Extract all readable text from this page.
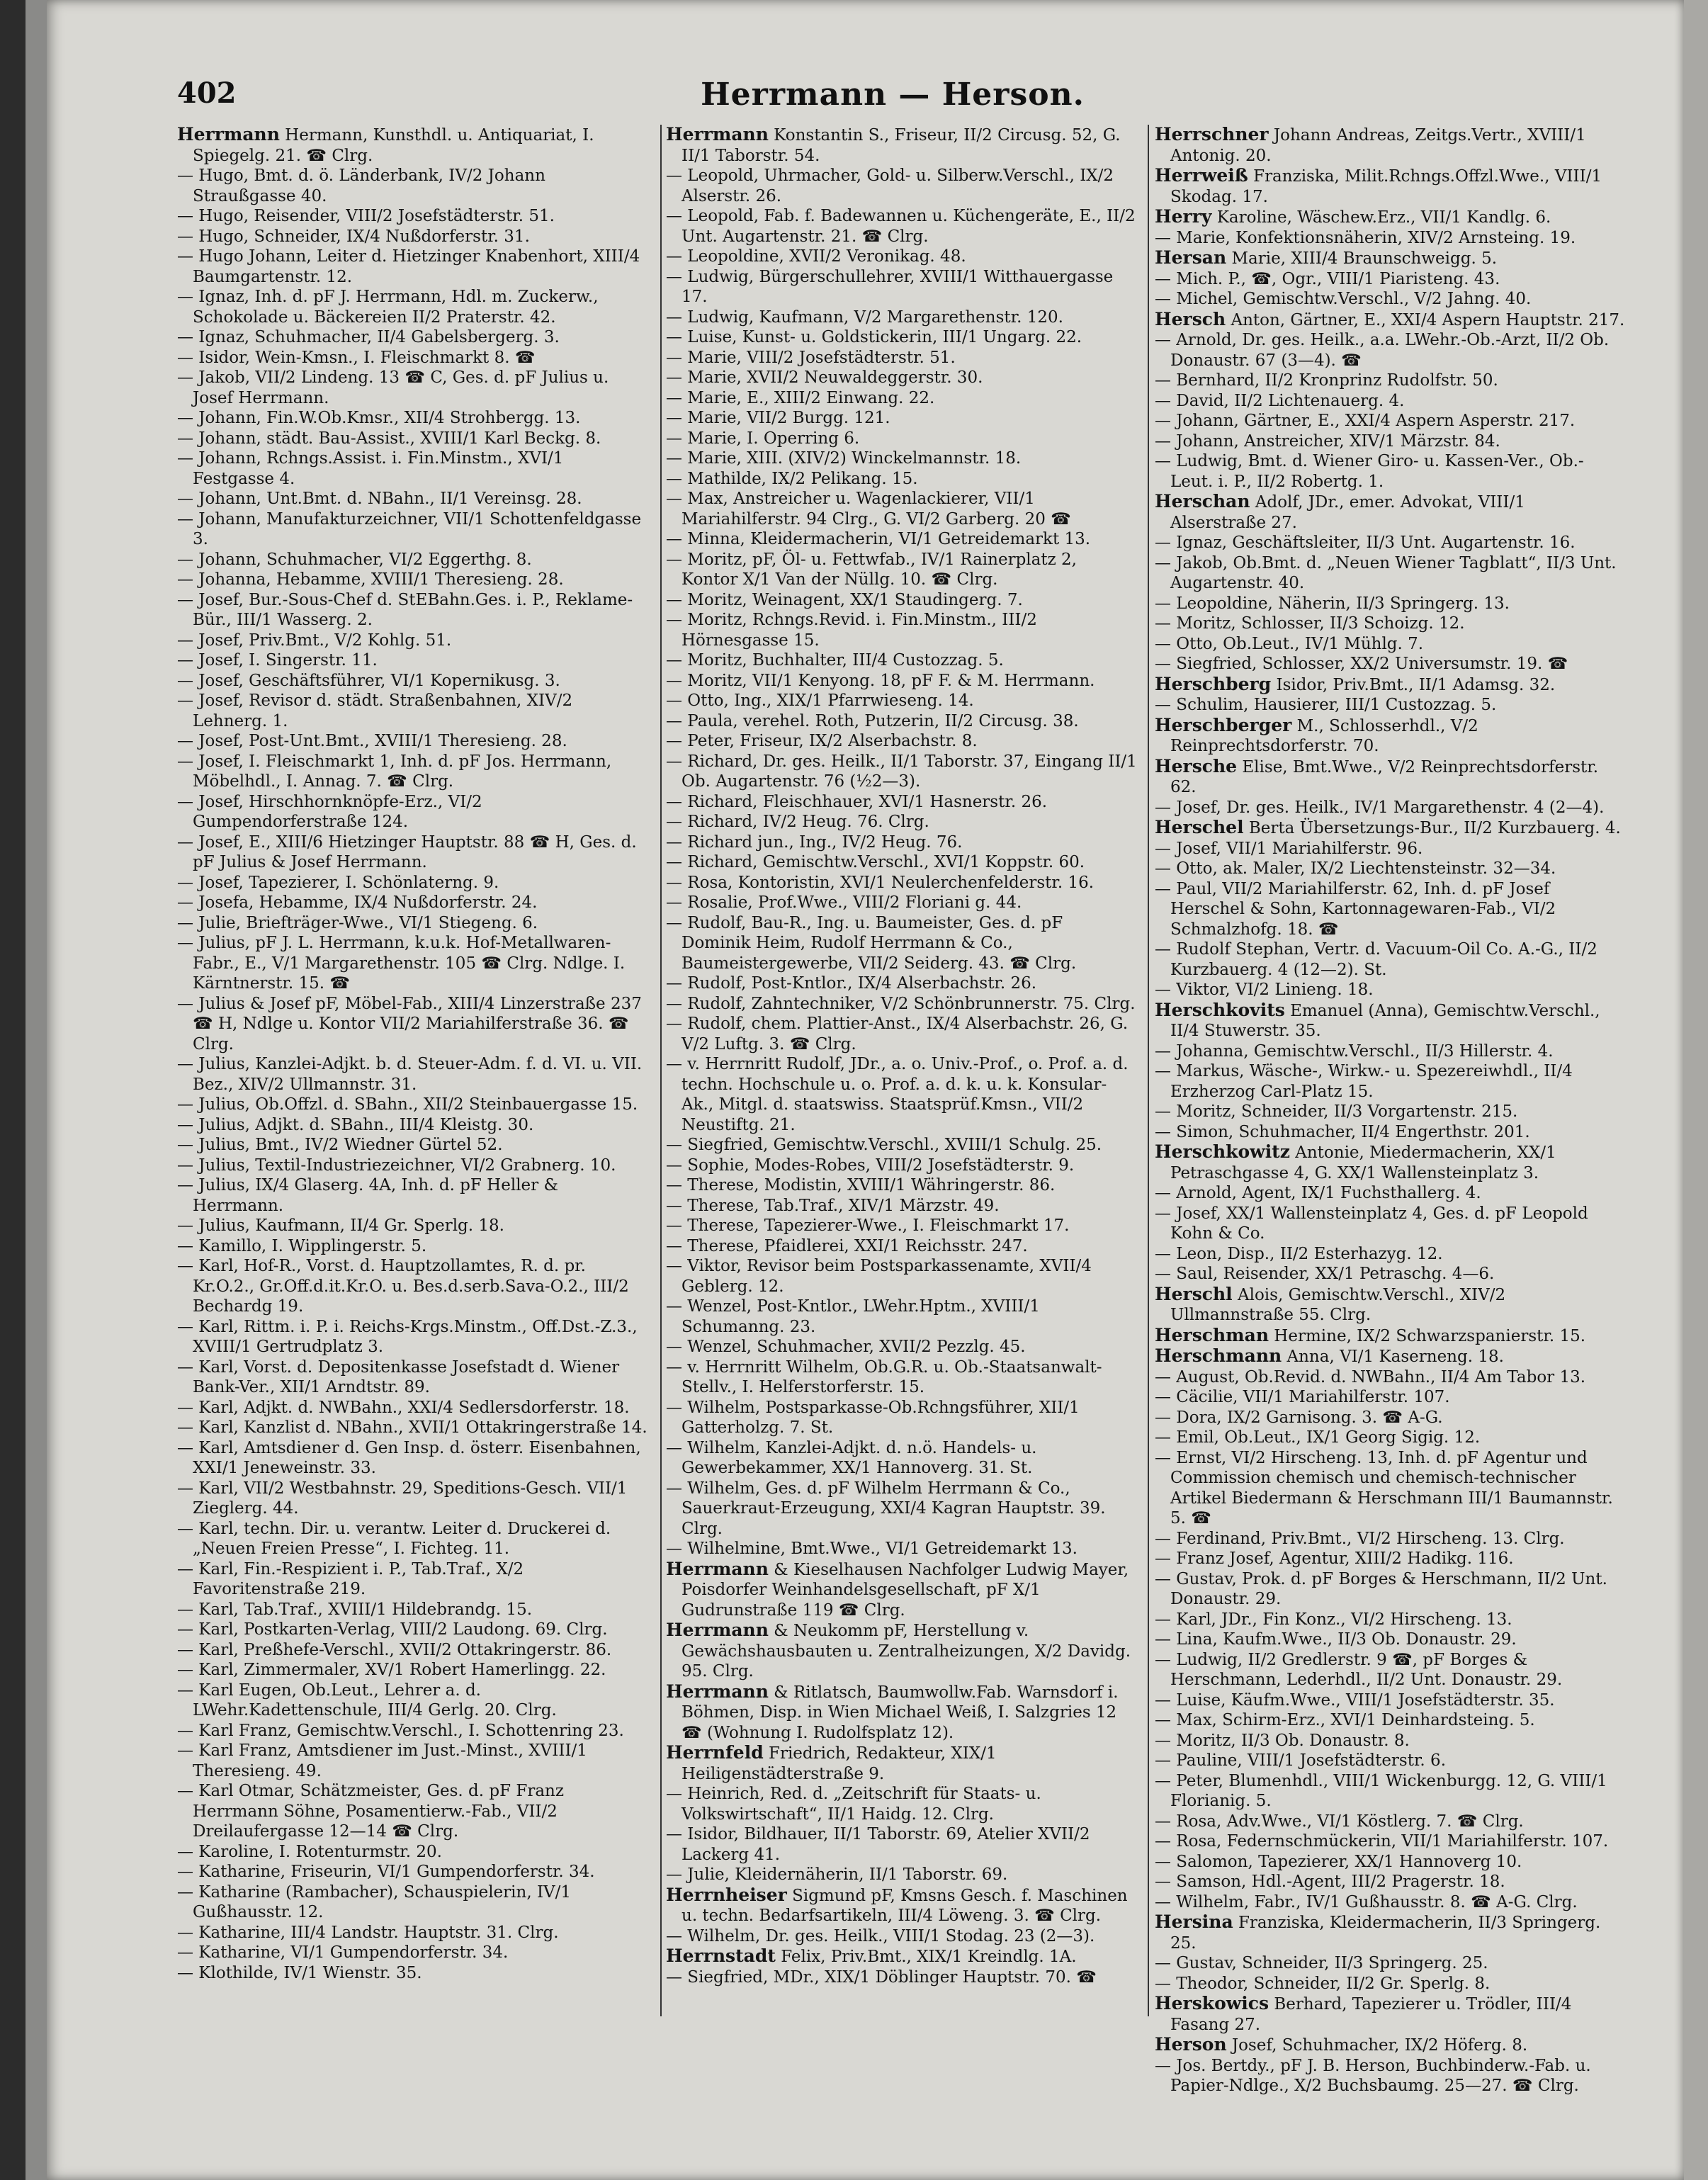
402	Herrmann — Herson.

Herrmann Hermann, Kunsthdl. u. Antiquariat, I. Spiegelg. 21. ☎ Clrg.

— Hugo, Bmt. d. ö. Länderbank, IV/2 Johann Straußgasse 40.

— Hugo, Reisender, VIII/2 Josefstädterstr. 51.

— Hugo, Schneider, IX/4 Nußdorferstr. 31.

— Hugo Johann, Leiter d. Hietzinger Knabenhort, XIII/4 Baumgartenstr. 12.

— Ignaz, Inh. d. pF J. Herrmann, Hdl. m. Zuckerw., Schokolade u. Bäckereien II/2 Praterstr. 42.

— Ignaz, Schuhmacher, II/4 Gabelsbergerg. 3.

— Isidor, Wein-Kmsn., I. Fleischmarkt 8. ☎

— Jakob, VII/2 Lindeng. 13 ☎ C, Ges. d. pF Julius u. Josef Herrmann.

— Johann, Fin.W.Ob.Kmsr., XII/4 Strohbergg. 13.

— Johann, städt. Bau-Assist., XVIII/1 Karl Beckg. 8.

— Johann, Rchngs.Assist. i. Fin.Minstm., XVI/1 Festgasse 4.

— Johann, Unt.Bmt. d. NBahn., II/1 Vereinsg. 28.

— Johann, Manufakturzeichner, VII/1 Schottenfeldgasse 3.

— Johann, Schuhmacher, VI/2 Eggerthg. 8.

— Johanna, Hebamme, XVIII/1 Theresieng. 28.

— Josef, Bur.-Sous-Chef d. StEBahn.Ges. i. P., Reklame-Bür., III/1 Wasserg. 2.

— Josef, Priv.Bmt., V/2 Kohlg. 51.

— Josef, I. Singerstr. 11.

— Josef, Geschäftsführer, VI/1 Kopernikusg. 3.

— Josef, Revisor d. städt. Straßenbahnen, XIV/2 Lehnerg. 1.

— Josef, Post-Unt.Bmt., XVIII/1 Theresieng. 28.

— Josef, I. Fleischmarkt 1, Inh. d. pF Jos. Herrmann, Möbelhdl., I. Annag. 7. ☎ Clrg.

— Josef, Hirschhornknöpfe-Erz., VI/2 Gumpendorferstraße 124.

— Josef, E., XIII/6 Hietzinger Hauptstr. 88 ☎ H, Ges. d. pF Julius & Josef Herrmann.

— Josef, Tapezierer, I. Schönlaterng. 9.

— Josefa, Hebamme, IX/4 Nußdorferstr. 24.

— Julie, Briefträger-Wwe., VI/1 Stiegeng. 6.

— Julius, pF J. L. Herrmann, k.u.k. Hof-Metallwaren-Fabr., E., V/1 Margarethenstr. 105 ☎ Clrg. Ndlge. I. Kärntnerstr. 15. ☎

— Julius & Josef pF, Möbel-Fab., XIII/4 Linzerstraße 237 ☎ H, Ndlge u. Kontor VII/2 Mariahilferstraße 36. ☎ Clrg.

— Julius, Kanzlei-Adjkt. b. d. Steuer-Adm. f. d. VI. u. VII. Bez., XIV/2 Ullmannstr. 31.

— Julius, Ob.Offzl. d. SBahn., XII/2 Steinbauergasse 15.

— Julius, Adjkt. d. SBahn., III/4 Kleistg. 30.

— Julius, Bmt., IV/2 Wiedner Gürtel 52.

— Julius, Textil-Industriezeichner, VI/2 Grabnerg. 10.

— Julius, IX/4 Glaserg. 4A, Inh. d. pF Heller & Herrmann.

— Julius, Kaufmann, II/4 Gr. Sperlg. 18.

— Kamillo, I. Wipplingerstr. 5.

— Karl, Hof-R., Vorst. d. Hauptzollamtes, R. d. pr. Kr.O.2., Gr.Off.d.it.Kr.O. u. Bes.d.serb.Sava-O.2., III/2 Bechardg 19.

— Karl, Rittm. i. P. i. Reichs-Krgs.Minstm., Off.Dst.-Z.3., XVIII/1 Gertrudplatz 3.

— Karl, Vorst. d. Depositenkasse Josefstadt d. Wiener Bank-Ver., XII/1 Arndtstr. 89.

— Karl, Adjkt. d. NWBahn., XXI/4 Sedlersdorferstr. 18.

— Karl, Kanzlist d. NBahn., XVII/1 Ottakringerstraße 14.

— Karl, Amtsdiener d. Gen Insp. d. österr. Eisenbahnen, XXI/1 Jeneweinstr. 33.

— Karl, VII/2 Westbahnstr. 29, Speditions-Gesch. VII/1 Zieglerg. 44.

— Karl, techn. Dir. u. verantw. Leiter d. Druckerei d. „Neuen Freien Presse“, I. Fichteg. 11.

— Karl, Fin.-Respizient i. P., Tab.Traf., X/2 Favoritenstraße 219.

— Karl, Tab.Traf., XVIII/1 Hildebrandg. 15.

— Karl, Postkarten-Verlag, VIII/2 Laudong. 69. Clrg.

— Karl, Preßhefe-Verschl., XVII/2 Ottakringerstr. 86.

— Karl, Zimmermaler, XV/1 Robert Hamerlingg. 22.

— Karl Eugen, Ob.Leut., Lehrer a. d. LWehr.Kadettenschule, III/4 Gerlg. 20. Clrg.

— Karl Franz, Gemischtw.Verschl., I. Schottenring 23.

— Karl Franz, Amtsdiener im Just.-Minst., XVIII/1 Theresieng. 49.

— Karl Otmar, Schätzmeister, Ges. d. pF Franz Herrmann Söhne, Posamentierw.-Fab., VII/2 Dreilaufergasse 12—14 ☎ Clrg.

— Karoline, I. Rotenturmstr. 20.

— Katharine, Friseurin, VI/1 Gumpendorferstr. 34.

— Katharine (Rambacher), Schauspielerin, IV/1 Gußhausstr. 12.

— Katharine, III/4 Landstr. Hauptstr. 31. Clrg.

— Katharine, VI/1 Gumpendorferstr. 34.

— Klothilde, IV/1 Wienstr. 35.

Herrmann Konstantin S., Friseur, II/2 Circusg. 52, G. II/1 Taborstr. 54.

— Leopold, Uhrmacher, Gold- u. Silberw.Verschl., IX/2 Alserstr. 26.

— Leopold, Fab. f. Badewannen u. Küchengeräte, E., II/2 Unt. Augartenstr. 21. ☎ Clrg.

— Leopoldine, XVII/2 Veronikag. 48.

— Ludwig, Bürgerschullehrer, XVIII/1 Witthauergasse 17.

— Ludwig, Kaufmann, V/2 Margarethenstr. 120.

— Luise, Kunst- u. Goldstickerin, III/1 Ungarg. 22.

— Marie, VIII/2 Josefstädterstr. 51.

— Marie, XVII/2 Neuwaldeggerstr. 30.

— Marie, E., XIII/2 Einwang. 22.

— Marie, VII/2 Burgg. 121.

— Marie, I. Operring 6.

— Marie, XIII. (XIV/2) Winckelmannstr. 18.

— Mathilde, IX/2 Pelikang. 15.

— Max, Anstreicher u. Wagenlackierer, VII/1 Mariahilferstr. 94 Clrg., G. VI/2 Garberg. 20 ☎

— Minna, Kleidermacherin, VI/1 Getreidemarkt 13.

— Moritz, pF, Öl- u. Fettwfab., IV/1 Rainerplatz 2, Kontor X/1 Van der Nüllg. 10. ☎ Clrg.

— Moritz, Weinagent, XX/1 Staudingerg. 7.

— Moritz, Rchngs.Revid. i. Fin.Minstm., III/2 Hörnesgasse 15.

— Moritz, Buchhalter, III/4 Custozzag. 5.

— Moritz, VII/1 Kenyong. 18, pF F. & M. Herrmann.

— Otto, Ing., XIX/1 Pfarrwieseng. 14.

— Paula, verehel. Roth, Putzerin, II/2 Circusg. 38.

— Peter, Friseur, IX/2 Alserbachstr. 8.

— Richard, Dr. ges. Heilk., II/1 Taborstr. 37, Eingang II/1 Ob. Augartenstr. 76 (½2—3).

— Richard, Fleischhauer, XVI/1 Hasnerstr. 26.

— Richard, IV/2 Heug. 76. Clrg.

— Richard jun., Ing., IV/2 Heug. 76.

— Richard, Gemischtw.Verschl., XVI/1 Koppstr. 60.

— Rosa, Kontoristin, XVI/1 Neulerchenfelderstr. 16.

— Rosalie, Prof.Wwe., VIII/2 Floriani g. 44.

— Rudolf, Bau-R., Ing. u. Baumeister, Ges. d. pF Dominik Heim, Rudolf Herrmann & Co., Baumeistergewerbe, VII/2 Seiderg. 43. ☎ Clrg.

— Rudolf, Post-Kntlor., IX/4 Alserbachstr. 26.

— Rudolf, Zahntechniker, V/2 Schönbrunnerstr. 75. Clrg.

— Rudolf, chem. Plattier-Anst., IX/4 Alserbachstr. 26, G. V/2 Luftg. 3. ☎ Clrg.

— v. Herrnritt Rudolf, JDr., a. o. Univ.-Prof., o. Prof. a. d. techn. Hochschule u. o. Prof. a. d. k. u. k. Konsular-Ak., Mitgl. d. staatswiss. Staatsprüf.Kmsn., VII/2 Neustiftg. 21.

— Siegfried, Gemischtw.Verschl., XVIII/1 Schulg. 25.

— Sophie, Modes-Robes, VIII/2 Josefstädterstr. 9.

— Therese, Modistin, XVIII/1 Währingerstr. 86.

— Therese, Tab.Traf., XIV/1 Märzstr. 49.

— Therese, Tapezierer-Wwe., I. Fleischmarkt 17.

— Therese, Pfaidlerei, XXI/1 Reichsstr. 247.

— Viktor, Revisor beim Postsparkassenamte, XVII/4 Geblerg. 12.

— Wenzel, Post-Kntlor., LWehr.Hptm., XVIII/1 Schumanng. 23.

— Wenzel, Schuhmacher, XVII/2 Pezzlg. 45.

— v. Herrnritt Wilhelm, Ob.G.R. u. Ob.-Staatsanwalt-Stellv., I. Helferstorferstr. 15.

— Wilhelm, Postsparkasse-Ob.Rchngsführer, XII/1 Gatterholzg. 7. St.

— Wilhelm, Kanzlei-Adjkt. d. n.ö. Handels- u. Gewerbekammer, XX/1 Hannoverg. 31. St.

— Wilhelm, Ges. d. pF Wilhelm Herrmann & Co., Sauerkraut-Erzeugung, XXI/4 Kagran Hauptstr. 39. Clrg.

— Wilhelmine, Bmt.Wwe., VI/1 Getreidemarkt 13.

Herrmann & Kieselhausen Nachfolger Ludwig Mayer, Poisdorfer Weinhandelsgesellschaft, pF X/1 Gudrunstraße 119 ☎ Clrg.

Herrmann & Neukomm pF, Herstellung v. Gewächshausbauten u. Zentralheizungen, X/2 Davidg. 95. Clrg.

Herrmann & Ritlatsch, Baumwollw.Fab. Warnsdorf i. Böhmen, Disp. in Wien Michael Weiß, I. Salzgries 12 ☎ (Wohnung I. Rudolfsplatz 12).

Herrnfeld Friedrich, Redakteur, XIX/1 Heiligenstädterstraße 9.

— Heinrich, Red. d. „Zeitschrift für Staats- u. Volkswirtschaft“, II/1 Haidg. 12. Clrg.

— Isidor, Bildhauer, II/1 Taborstr. 69, Atelier XVII/2 Lackerg 41.

— Julie, Kleidernäherin, II/1 Taborstr. 69.

Herrnheiser Sigmund pF, Kmsns Gesch. f. Maschinen u. techn. Bedarfsartikeln, III/4 Löweng. 3. ☎ Clrg.

— Wilhelm, Dr. ges. Heilk., VIII/1 Stodag. 23 (2—3).

Herrnstadt Felix, Priv.Bmt., XIX/1 Kreindlg. 1A.

— Siegfried, MDr., XIX/1 Döblinger Hauptstr. 70. ☎

Herrschner Johann Andreas, Zeitgs.Vertr., XVIII/1 Antonig. 20.

Herrweiß Franziska, Milit.Rchngs.Offzl.Wwe., VIII/1 Skodag. 17.

Herry Karoline, Wäschew.Erz., VII/1 Kandlg. 6.

— Marie, Konfektionsnäherin, XIV/2 Arnsteing. 19.

Hersan Marie, XIII/4 Braunschweigg. 5.

— Mich. P., ☎, Ogr., VIII/1 Piaristeng. 43.

— Michel, Gemischtw.Verschl., V/2 Jahng. 40.

Hersch Anton, Gärtner, E., XXI/4 Aspern Hauptstr. 217.

— Arnold, Dr. ges. Heilk., a.a. LWehr.-Ob.-Arzt, II/2 Ob. Donaustr. 67 (3—4). ☎

— Bernhard, II/2 Kronprinz Rudolfstr. 50.

— David, II/2 Lichtenauerg. 4.

— Johann, Gärtner, E., XXI/4 Aspern Asperstr. 217.

— Johann, Anstreicher, XIV/1 Märzstr. 84.

— Ludwig, Bmt. d. Wiener Giro- u. Kassen-Ver., Ob.-Leut. i. P., II/2 Robertg. 1.

Herschan Adolf, JDr., emer. Advokat, VIII/1 Alserstraße 27.

— Ignaz, Geschäftsleiter, II/3 Unt. Augartenstr. 16.

— Jakob, Ob.Bmt. d. „Neuen Wiener Tagblatt“, II/3 Unt. Augartenstr. 40.

— Leopoldine, Näherin, II/3 Springerg. 13.

— Moritz, Schlosser, II/3 Schoizg. 12.

— Otto, Ob.Leut., IV/1 Mühlg. 7.

— Siegfried, Schlosser, XX/2 Universumstr. 19. ☎

Herschberg Isidor, Priv.Bmt., II/1 Adamsg. 32.

— Schulim, Hausierer, III/1 Custozzag. 5.

Herschberger M., Schlosserhdl., V/2 Reinprechtsdorferstr. 70.

Hersche Elise, Bmt.Wwe., V/2 Reinprechtsdorferstr. 62.

— Josef, Dr. ges. Heilk., IV/1 Margarethenstr. 4 (2—4).

Herschel Berta Übersetzungs-Bur., II/2 Kurzbauerg. 4.

— Josef, VII/1 Mariahilferstr. 96.

— Otto, ak. Maler, IX/2 Liechtensteinstr. 32—34.

— Paul, VII/2 Mariahilferstr. 62, Inh. d. pF Josef Herschel & Sohn, Kartonnagewaren-Fab., VI/2 Schmalzhofg. 18. ☎

— Rudolf Stephan, Vertr. d. Vacuum-Oil Co. A.-G., II/2 Kurzbauerg. 4 (12—2). St.

— Viktor, VI/2 Linieng. 18.

Herschkovits Emanuel (Anna), Gemischtw.Verschl., II/4 Stuwerstr. 35.

— Johanna, Gemischtw.Verschl., II/3 Hillerstr. 4.

— Markus, Wäsche-, Wirkw.- u. Spezereiwhdl., II/4 Erzherzog Carl-Platz 15.

— Moritz, Schneider, II/3 Vorgartenstr. 215.

— Simon, Schuhmacher, II/4 Engerthstr. 201.

Herschkowitz Antonie, Miedermacherin, XX/1 Petraschgasse 4, G. XX/1 Wallensteinplatz 3.

— Arnold, Agent, IX/1 Fuchsthallerg. 4.

— Josef, XX/1 Wallensteinplatz 4, Ges. d. pF Leopold Kohn & Co.

— Leon, Disp., II/2 Esterhazyg. 12.

— Saul, Reisender, XX/1 Petraschg. 4—6.

Herschl Alois, Gemischtw.Verschl., XIV/2 Ullmannstraße 55. Clrg.

Herschman Hermine, IX/2 Schwarzspanierstr. 15.

Herschmann Anna, VI/1 Kaserneng. 18.

— August, Ob.Revid. d. NWBahn., II/4 Am Tabor 13.

— Cäcilie, VII/1 Mariahilferstr. 107.

— Dora, IX/2 Garnisong. 3. ☎ A-G.

— Emil, Ob.Leut., IX/1 Georg Sigig. 12.

— Ernst, VI/2 Hirscheng. 13, Inh. d. pF Agentur und Commission chemisch und chemisch-technischer Artikel Biedermann & Herschmann III/1 Baumannstr. 5. ☎

— Ferdinand, Priv.Bmt., VI/2 Hirscheng. 13. Clrg.

— Franz Josef, Agentur, XIII/2 Hadikg. 116.

— Gustav, Prok. d. pF Borges & Herschmann, II/2 Unt. Donaustr. 29.

— Karl, JDr., Fin Konz., VI/2 Hirscheng. 13.

— Lina, Kaufm.Wwe., II/3 Ob. Donaustr. 29.

— Ludwig, II/2 Gredlerstr. 9 ☎, pF Borges & Herschmann, Lederhdl., II/2 Unt. Donaustr. 29.

— Luise, Käufm.Wwe., VIII/1 Josefstädterstr. 35.

— Max, Schirm-Erz., XVI/1 Deinhardsteing. 5.

— Moritz, II/3 Ob. Donaustr. 8.

— Pauline, VIII/1 Josefstädterstr. 6.

— Peter, Blumenhdl., VIII/1 Wickenburgg. 12, G. VIII/1 Florianig. 5.

— Rosa, Adv.Wwe., VI/1 Köstlerg. 7. ☎ Clrg.

— Rosa, Federnschmückerin, VII/1 Mariahilferstr. 107.

— Salomon, Tapezierer, XX/1 Hannoverg 10.

— Samson, Hdl.-Agent, III/2 Pragerstr. 18.

— Wilhelm, Fabr., IV/1 Gußhausstr. 8. ☎ A-G. Clrg.

Hersina Franziska, Kleidermacherin, II/3 Springerg. 25.

— Gustav, Schneider, II/3 Springerg. 25.

— Theodor, Schneider, II/2 Gr. Sperlg. 8.

Herskowics Berhard, Tapezierer u. Trödler, III/4 Fasang 27.

Herson Josef, Schuhmacher, IX/2 Höferg. 8.

— Jos. Bertdy., pF J. B. Herson, Buchbinderw.-Fab. u. Papier-Ndlge., X/2 Buchsbaumg. 25—27. ☎ Clrg.
